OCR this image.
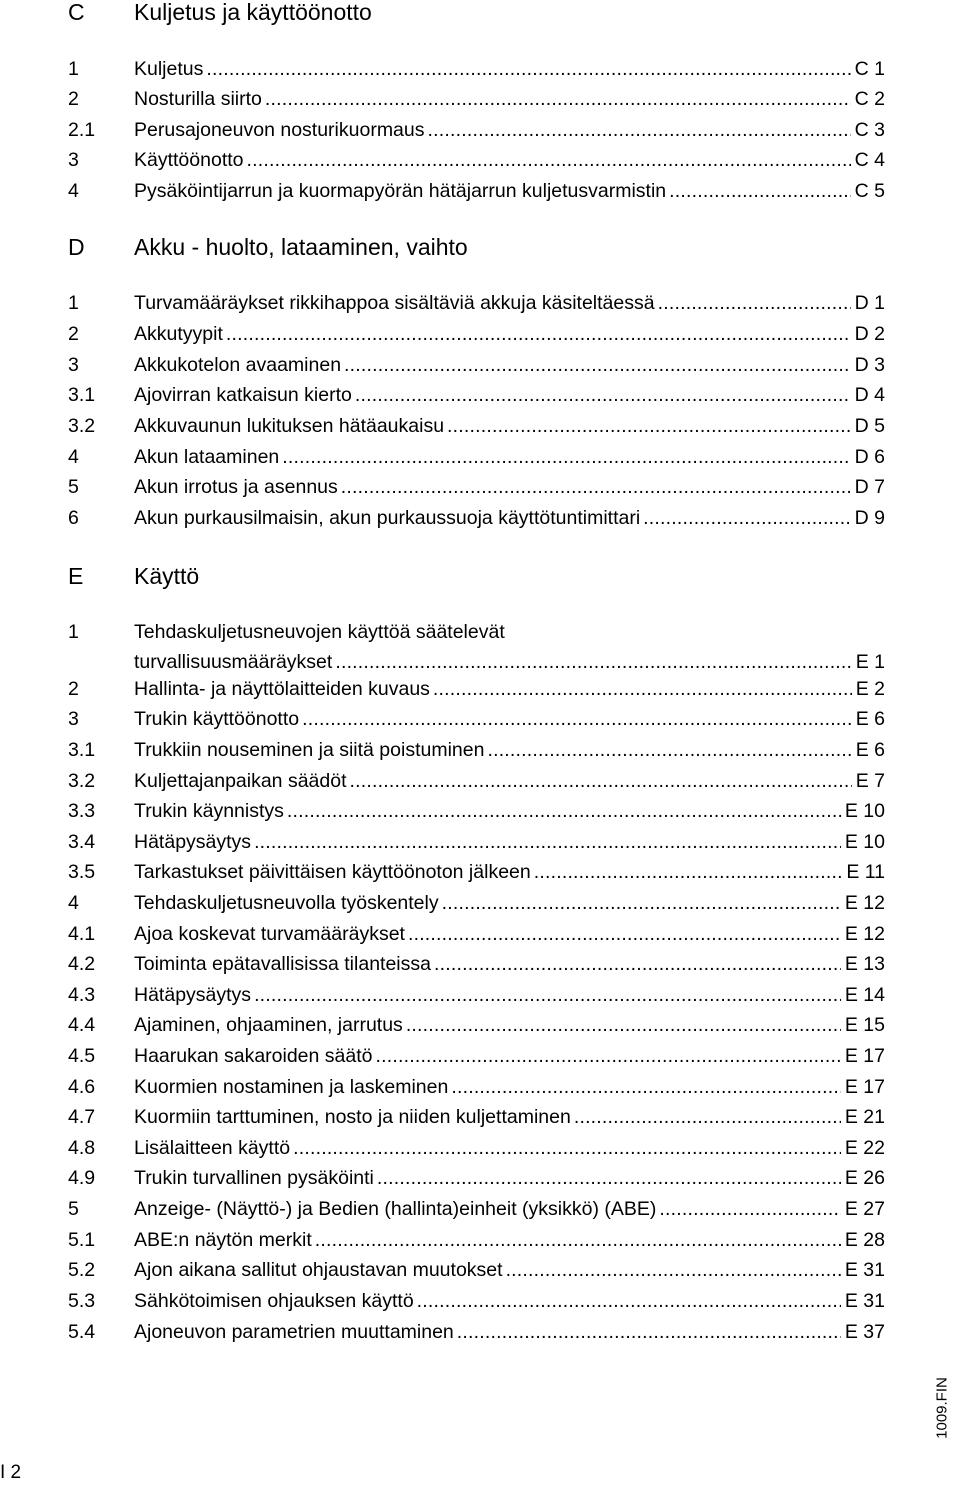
C Kuljetus ja käyttöönotto
1	Kuljetus .....	C 1
2	Nosturilla siirto .....	C 2
2.1 Perusajoneuvon nosturikuormaus .....	C 3
3	Käyttöönotto .....	C 4
4	Pysäköintijarrun ja kuormapyörän hätäjarrun kuljetusvarmistin .....	C 5
D Akku - huolto, lataaminen, vaihto
1	Turvamääräykset rikkihappoa sisältäviä akkuja käsiteltäessä .....	D 1
2	Akkutyypit .....	D 2
3	Akkukotelon avaaminen .....	D 3
3.1 Ajovirran katkaisun kierto .....	D 4
3.2 Akkuvaunun lukituksen hätäaukaisu .....	D 5
4	Akun lataaminen .....	D 6
5	Akun irrotus ja asennus .....	D 7
6	Akun purkausilmaisin, akun purkaussuoja käyttötuntimittari .....	D 9
E Käyttö
1	Tehdaskuljetusneuvojen käyttöä säätelevät
turvallisuusmääräykset .....	E 1
2	Hallinta- ja näyttölaitteiden kuvaus .....	E 2
3	Trukin käyttöönotto .....	E 6
3.1 Trukkiin nouseminen ja siitä poistuminen .....	E 6
3.2 Kuljettajanpaikan säädöt .....	E 7
3.3 Trukin käynnistys .....	E 10
3.4 Hätäpysäytys .....	E 10
3.5 Tarkastukset päivittäisen käyttöönoton jälkeen .....	E 11
4	Tehdaskuljetusneuvolla työskentely .....	E 12
4.1 Ajoa koskevat turvamääräykset .....	E 12
4.2 Toiminta epätavallisissa tilanteissa .....	E 13
4.3 Hätäpysäytys .....	E 14
4.4 Ajaminen, ohjaaminen, jarrutus .....	E 15
4.5 Haarukan sakaroiden säätö .....	E 17
4.6 Kuormien nostaminen ja laskeminen .....	E 17
4.7 Kuormiin tarttuminen, nosto ja niiden kuljettaminen .....	E 21
4.8 Lisälaitteen käyttö .....	E 22
4.9 Trukin turvallinen pysäköinti .....	E 26
5	Anzeige- (Näyttö-) ja Bedien (hallinta)einheit (yksikkö) (ABE) .....	E 27
5.1 ABE:n näytön merkit .....	E 28
5.2 Ajon aikana sallitut ohjaustavan muutokset .....	E 31
5.3 Sähkötoimisen ohjauksen käyttö .....	E 31
5.4 Ajoneuvon parametrien muuttaminen .....	E 37
1009.FIN
I 2
